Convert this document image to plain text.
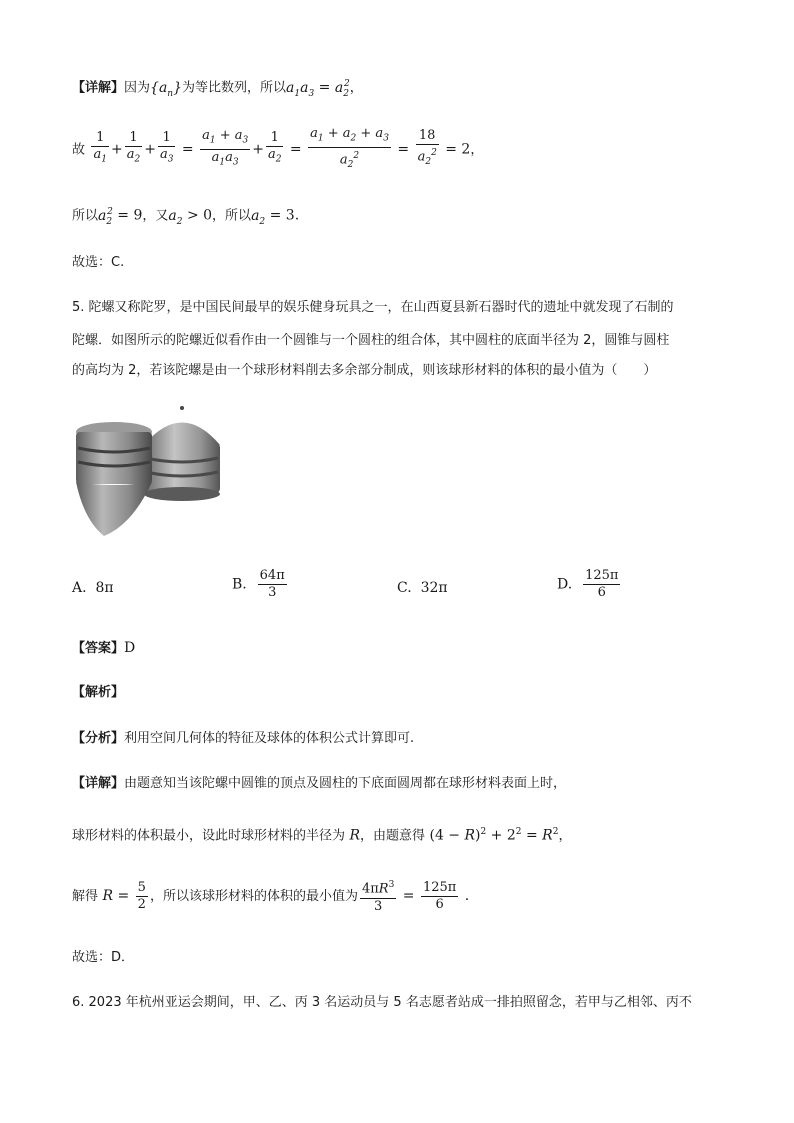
【详解】因为$\{a_n\}$为等比数列，所以$a_1a_3 = a_2^2$，
故 $\frac{1}{a_1} + \frac{1}{a_2} + \frac{1}{a_3} = \frac{a_1 + a_3}{a_1a_3} + \frac{1}{a_2} = \frac{a_1 + a_2 + a_3}{a_2^2} = \frac{18}{a_2^2} = 2$，
所以$a_2^2 = 9$，又$a_2 > 0$，所以$a_2 = 3$.
故选：C.
5. 陀螺又称陀罗，是中国民间最早的娱乐健身玩具之一，在山西夏县新石器时代的遗址中就发现了石制的
陀螺．如图所示的陀螺近似看作由一个圆锥与一个圆柱的组合体，其中圆柱的底面半径为 2，圆锥与圆柱
的高均为 2，若该陀螺是由一个球形材料削去多余部分制成，则该球形材料的体积的最小值为（　　）
A. 8π	B. $\frac{64\pi}{3}$	C. 32π	D. $\frac{125\pi}{6}$
【答案】D
【解析】
【分析】利用空间几何体的特征及球体的体积公式计算即可.
【详解】由题意知当该陀螺中圆锥的顶点及圆柱的下底面圆周都在球形材料表面上时，
球形材料的体积最小，设此时球形材料的半径为 R，由题意得 $(4 - R)^2 + 2^2 = R^2$，
解得 $R = \frac{5}{2}$ ，所以该球形材料的体积的最小值为 $\frac{4\pi R^3}{3} = \frac{125\pi}{6}$ .
故选：D．
6. 2023 年杭州亚运会期间，甲、乙、丙 3 名运动员与 5 名志愿者站成一排拍照留念，若甲与乙相邻、丙不
